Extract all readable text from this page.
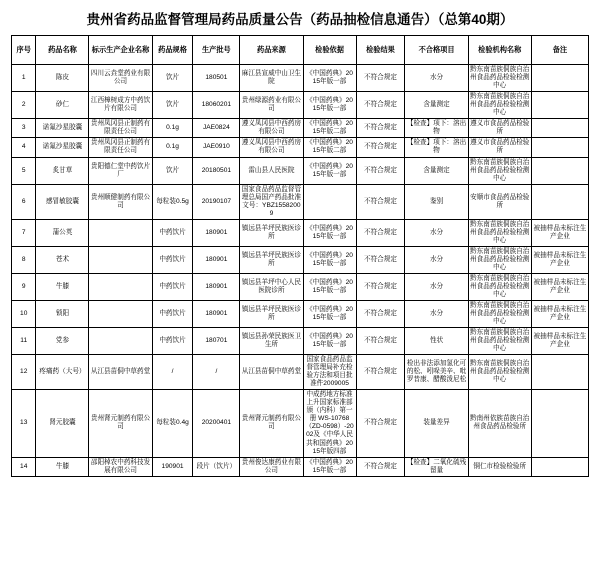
贵州省药品监督管理局药品质量公告（药品抽检信息通告）（总第40期）
序号	药品名称	标示生产企业名称	药品规格	生产批号	药品来源	检验依据	检验结果	不合格项目	检验机构名称	备注
1	陈皮	四川云垚堂药业有限公司	饮片	180501	麻江县宣威中山卫生院	《中国药典》2015年版一部	不符合规定	水分	黔东南苗族侗族自治州食品药品检验检测中心	
2	砂仁	江西樟树成方中药饮片有限公司	饮片	18060201	贵州绿源药业有限公司	《中国药典》2015年版一部	不符合规定	含量测定	黔东南苗族侗族自治州食品药品检验检测中心	
3	诺氟沙星胶囊	贵州凤冈县正制药有限责任公司	0.1g	JAE0824	遵义凤冈县中西药房有限公司	《中国药典》2015年版二部	不符合规定	【检查】项下：溶出物	遵义市食品药品检验所	
4	诺氟沙星胶囊	贵州凤冈县正制药有限责任公司	0.1g	JAE0910	遵义凤冈县中西药房有限公司	《中国药典》2015年版二部	不符合规定	【检查】项下：溶出物	遵义市食品药品检验所	
5	炙甘草	贵阳德仁堂中药饮片厂	饮片	20180501	雷山县人民医院	《中国药典》2015年版一部	不符合规定	含量测定	黔东南苗族侗族自治州食品药品检验检测中心	
6	感冒敏胶囊	贵州顺健制药有限公司	每粒装0.5g	20190107	国家食品药品监督管理总局国产药品批准文号：YBZ15582009		不符合规定	鉴别	安顺市食品药品检验所	
7	蒲公英		中药饮片	180901	镇远县羊坪民族医诊所	《中国药典》2015年版一部	不符合规定	水分	黔东南苗族侗族自治州食品药品检验检测中心	被抽样品未标注生产企业
8	苍术		中药饮片	180901	镇远县羊坪民族医诊所	《中国药典》2015年版一部	不符合规定	水分	黔东南苗族侗族自治州食品药品检验检测中心	被抽样品未标注生产企业
9	牛膝		中药饮片	180901	镇远县羊坪中心人民医院诊所	《中国药典》2015年版一部	不符合规定	水分	黔东南苗族侗族自治州食品药品检验检测中心	被抽样品未标注生产企业
10	锁阳		中药饮片	180901	镇远县羊坪民族医诊所	《中国药典》2015年版一部	不符合规定	水分	黔东南苗族侗族自治州食品药品检验检测中心	被抽样品未标注生产企业
11	党参		中药饮片	180701	镇远县孙荣民族医卫生所	《中国药典》2015年版一部	不符合规定	性状	黔东南苗族侗族自治州食品药品检验检测中心	被抽样品未标注生产企业
12	疼痛药（大号）	从江县苗侗中草药堂	/	/	从江县苗侗中草药堂	国家食品药品监督管理局补充检验方法和项目批准件2009005	不符合规定	检出非法添加氢化可的松、吲哚美辛、吡罗昔康、醋酸泼尼松	黔东南苗族侗族自治州食品药品检验检测中心	
13	肾元胶囊	贵州肾元制药有限公司	每粒装0.4g	20200401	贵州肾元制药有限公司	中成药地方标准上升国家标准部颁（内科）第一册 WS-10768（ZD-0598）-2002及《中华人民共和国药典》2015年版四部	不符合规定	装量差异	黔南州依族苗族自治州食品药品检验所	
14	牛膝	邵阳棹农中药科技发展有限公司	190901	段片（饮片）	贵州俊达康药业有限公司	《中国药典》2015年版一部	不符合规定	【检查】二氧化硫残留量	铜仁市检验检验所	
